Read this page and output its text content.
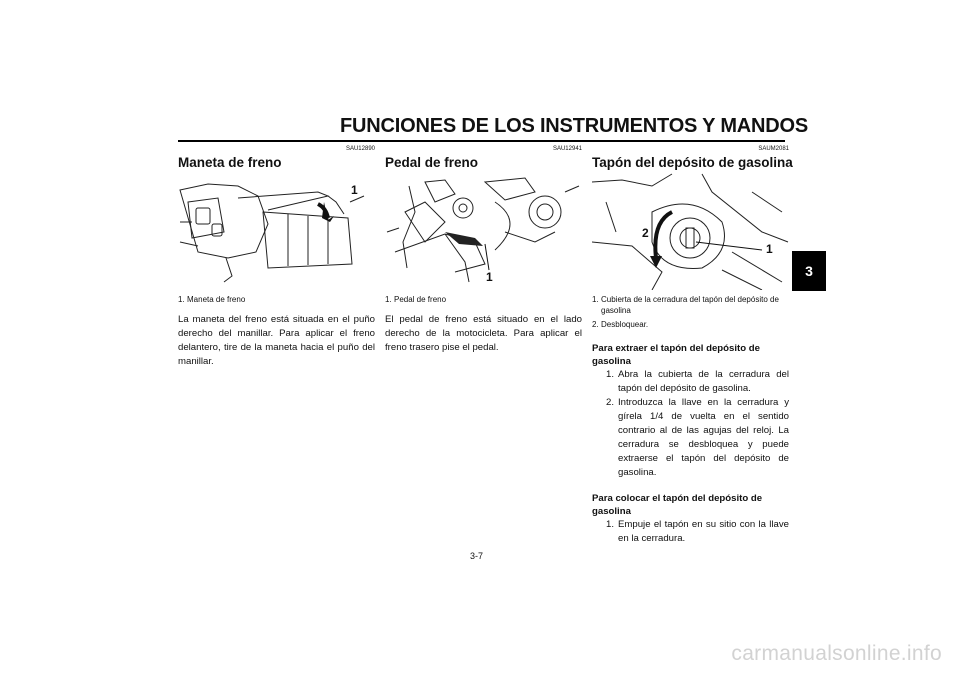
FUNCIONES DE LOS INSTRUMENTOS Y MANDOS
3
SAU12890
Maneta de freno
1
1. Maneta de freno
La maneta del freno está situada en el puño derecho del manillar. Para aplicar el freno delantero, tire de la maneta hacia el puño del manillar.
SAU12941
Pedal de freno
1
1. Pedal de freno
El pedal de freno está situado en el lado derecho de la motocicleta. Para aplicar el freno trasero pise el pedal.
SAUM2081
Tapón del depósito de gasolina
2
1
1. Cubierta de la cerradura del tapón del depósito de gasolina
2. Desbloquear.
Para extraer el tapón del depósito de gasolina
1. Abra la cubierta de la cerradura del tapón del depósito de gasolina.
2. Introduzca la llave en la cerradura y gírela 1/4 de vuelta en el sentido contrario al de las agujas del reloj. La cerradura se desbloquea y puede extraerse el tapón del depósito de gasolina.
Para colocar el tapón del depósito de gasolina
1. Empuje el tapón en su sitio con la llave en la cerradura.
3-7
carmanualsonline.info
